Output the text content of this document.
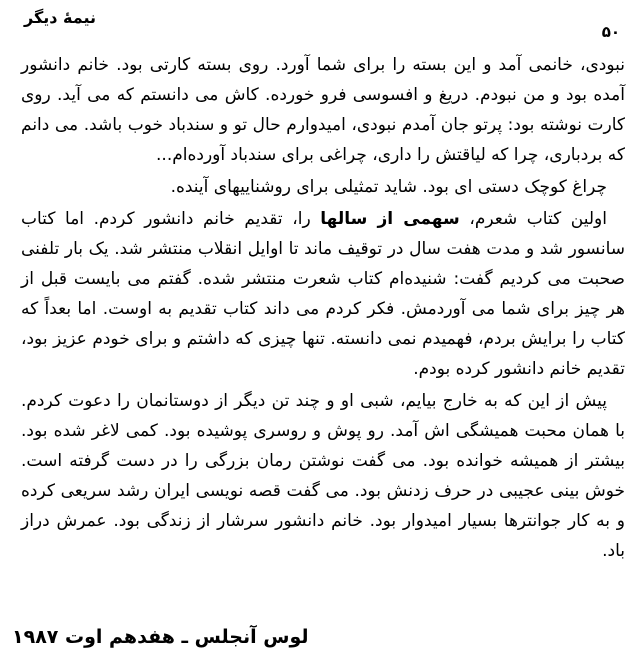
نیمۀ دیگر
۵۰

نبودی، خانمی آمد و این بسته را برای شما آورد. روی بسته کارتی بود. خانم دانشور آمده بود و من نبودم. دریغ و افسوسی فرو خورده. کاش می دانستم که می آید. روی کارت نوشته بود: پرتو جان آمدم نبودی، امیدوارم حال تو و سندباد خوب باشد. می دانم که بردباری، چرا که لیاقتش را داری، چراغی برای سندباد آورده‌ام...

چراغ کوچک دستی ای بود. شاید تمثیلی برای روشناییهای آینده.

اولین کتاب شعرم، سهمی از سالها را، تقدیم خانم دانشور کردم. اما کتاب سانسور شد و مدت هفت سال در توقیف ماند تا اوایل انقلاب منتشر شد. یک بار تلفنی صحبت می کردیم گفت: شنیده‌ام کتاب شعرت منتشر شده. گفتم می بایست قبل از هر چیز برای شما می آوردمش. فکر کردم می داند کتاب تقدیم به اوست. اما بعداً که کتاب را برایش بردم، فهمیدم نمی دانسته. تنها چیزی که داشتم و برای خودم عزیز بود، تقدیم خانم دانشور کرده بودم.

پیش از این که به خارج بیایم، شبی او و چند تن دیگر از دوستانمان را دعوت کردم. با همان محبت همیشگی اش آمد. رو پوش و روسری پوشیده بود. کمی لاغر شده بود. بیشتر از همیشه خوانده بود. می گفت نوشتن رمان بزرگی را در دست گرفته است. خوش بینی عجیبی در حرف زدنش بود. می گفت قصه نویسی ایران رشد سریعی کرده و به کار جوانترها بسیار امیدوار بود. خانم دانشور سرشار از زندگی بود. عمرش دراز باد.

لوس آنجلس ـ هفدهم اوت ۱۹۸۷
